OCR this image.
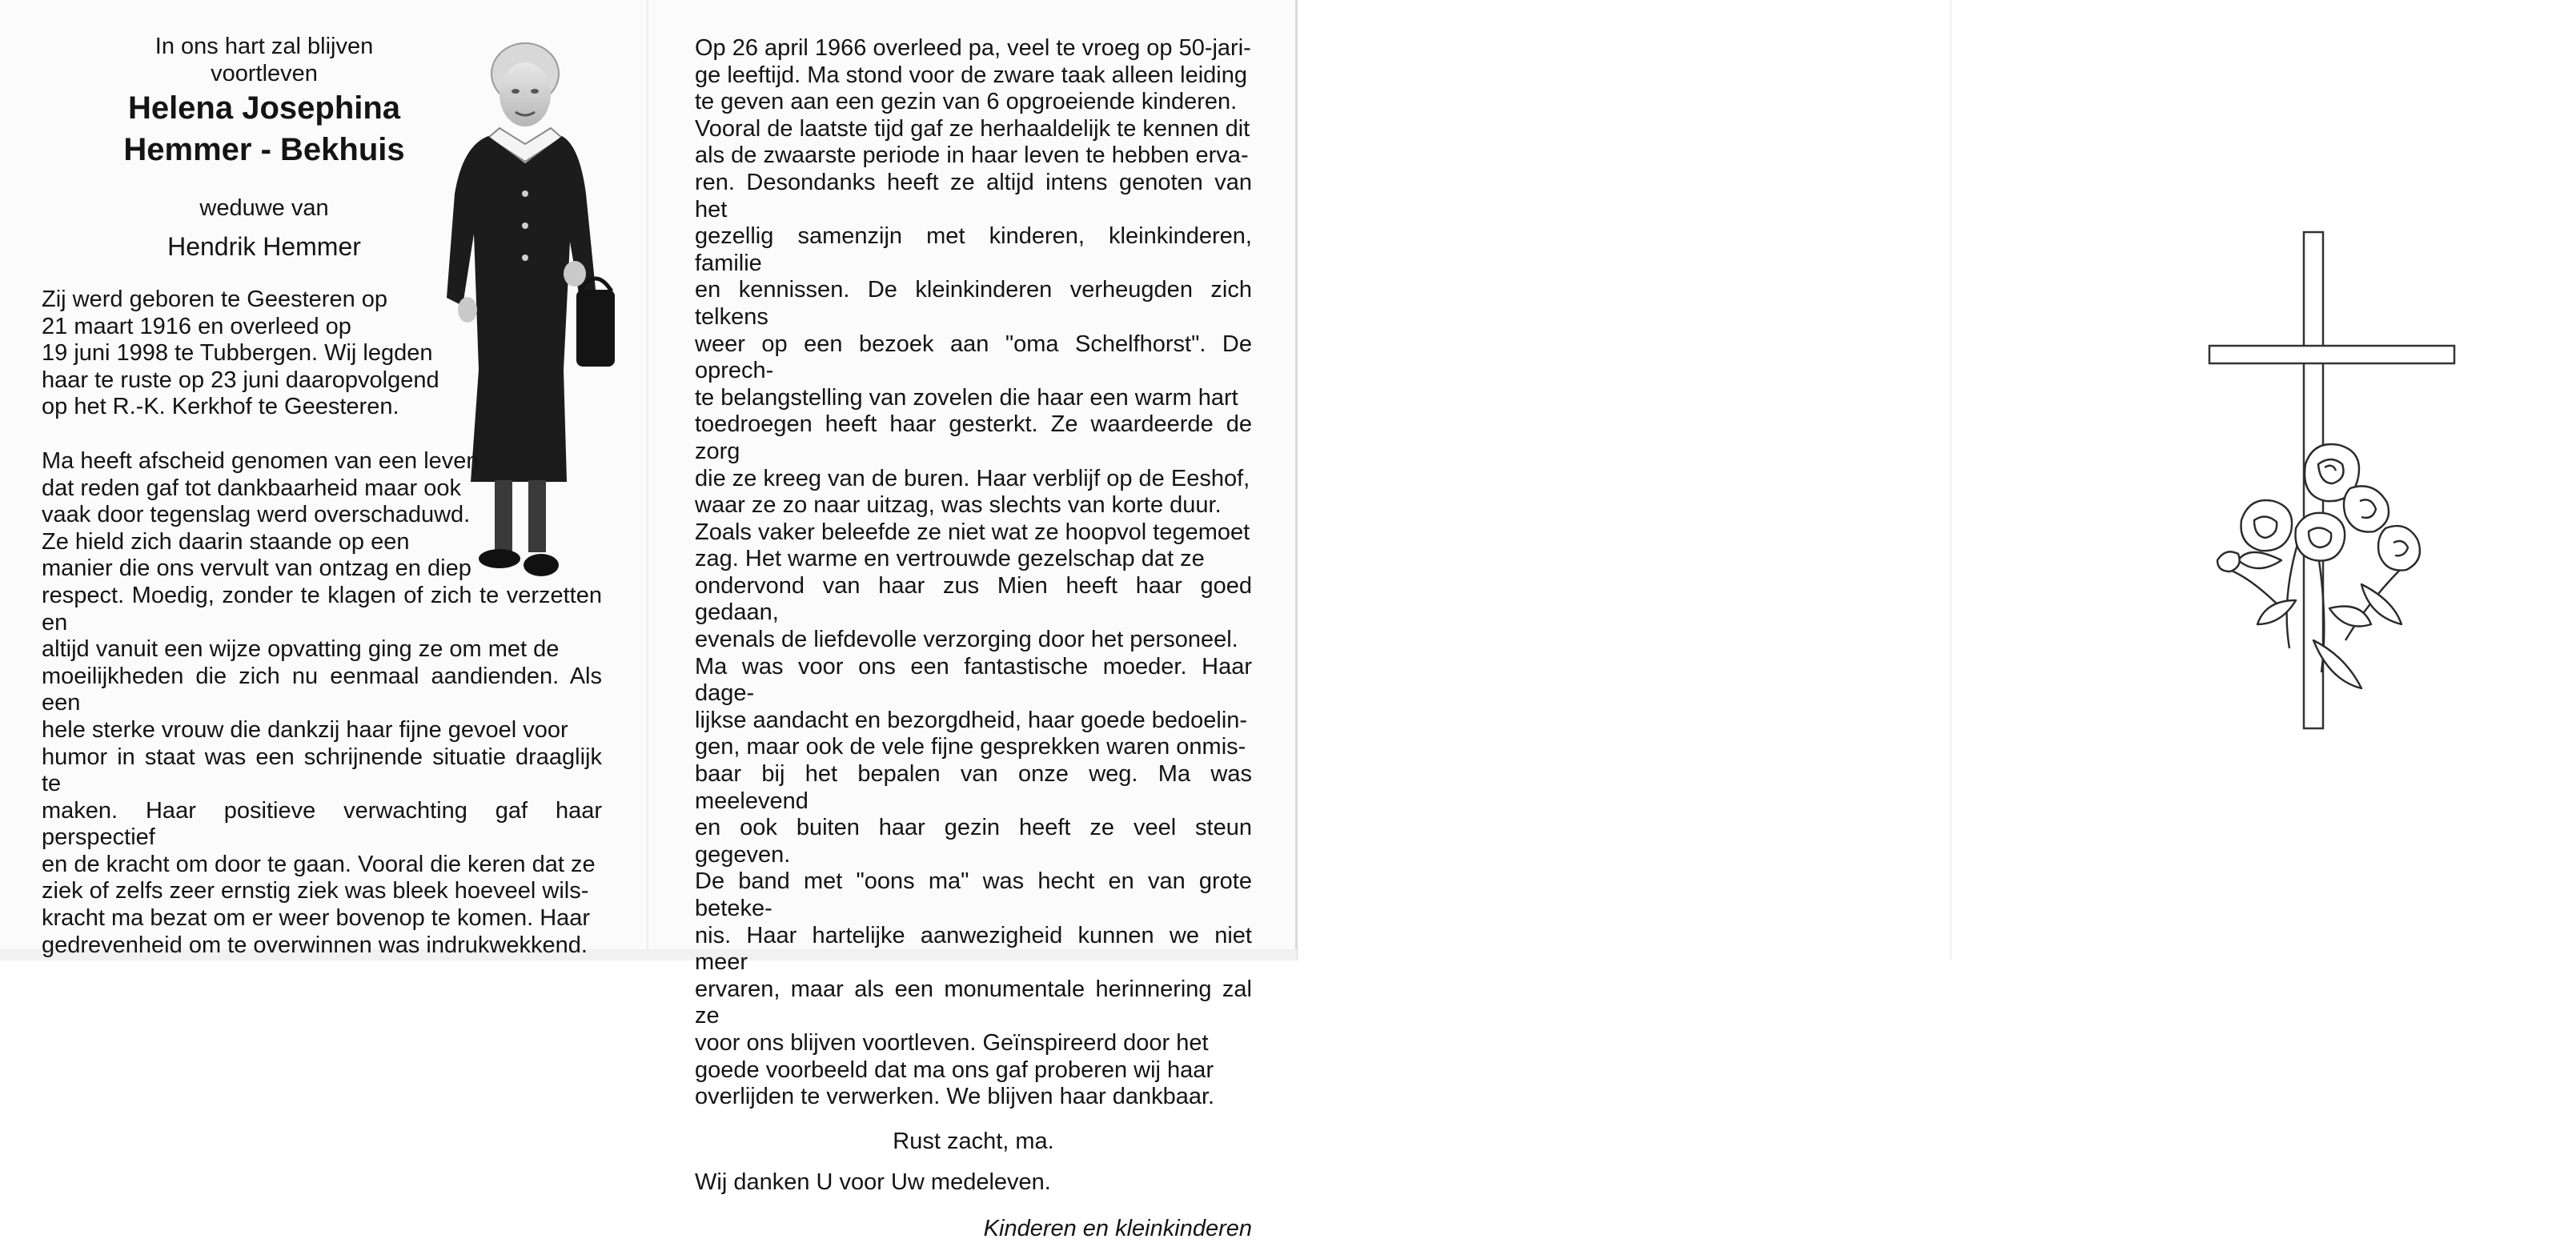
In ons hart zal blijven
voortleven

Helena Josephina

Hemmer - Bekhuis

weduwe van

Hendrik Hemmer

Zij werd geboren te Geesteren op
21 maart 1916 en overleed op
19 juni 1998 te Tubbergen. Wij legden
haar te ruste op 23 juni daaropvolgend
op het R.-K. Kerkhof te Geesteren.

Ma heeft afscheid genomen van een leven
dat reden gaf tot dankbaarheid maar ook
vaak door tegenslag werd overschaduwd.
Ze hield zich daarin staande op een
manier die ons vervult van ontzag en diep
respect. Moedig, zonder te klagen of zich te verzetten en
altijd vanuit een wijze opvatting ging ze om met de
moeilijkheden die zich nu eenmaal aandienden. Als een
hele sterke vrouw die dankzij haar fijne gevoel voor
humor in staat was een schrijnende situatie draaglijk te
maken. Haar positieve verwachting gaf haar perspectief
en de kracht om door te gaan. Vooral die keren dat ze
ziek of zelfs zeer ernstig ziek was bleek hoeveel wils-
kracht ma bezat om er weer bovenop te komen. Haar
gedrevenheid om te overwinnen was indrukwekkend.

Op 26 april 1966 overleed pa, veel te vroeg op 50-jari-
ge leeftijd. Ma stond voor de zware taak alleen leiding
te geven aan een gezin van 6 opgroeiende kinderen.
Vooral de laatste tijd gaf ze herhaaldelijk te kennen dit
als de zwaarste periode in haar leven te hebben erva-
ren. Desondanks heeft ze altijd intens genoten van het
gezellig samenzijn met kinderen, kleinkinderen, familie
en kennissen. De kleinkinderen verheugden zich telkens
weer op een bezoek aan "oma Schelfhorst". De oprech-
te belangstelling van zovelen die haar een warm hart
toedroegen heeft haar gesterkt. Ze waardeerde de zorg
die ze kreeg van de buren. Haar verblijf op de Eeshof,
waar ze zo naar uitzag, was slechts van korte duur.
Zoals vaker beleefde ze niet wat ze hoopvol tegemoet
zag. Het warme en vertrouwde gezelschap dat ze
ondervond van haar zus Mien heeft haar goed gedaan,
evenals de liefdevolle verzorging door het personeel.
Ma was voor ons een fantastische moeder. Haar dage-
lijkse aandacht en bezorgdheid, haar goede bedoelin-
gen, maar ook de vele fijne gesprekken waren onmis-
baar bij het bepalen van onze weg. Ma was meelevend
en ook buiten haar gezin heeft ze veel steun gegeven.
De band met "oons ma" was hecht en van grote beteke-
nis. Haar hartelijke aanwezigheid kunnen we niet meer
ervaren, maar als een monumentale herinnering zal ze
voor ons blijven voortleven. Geïnspireerd door het
goede voorbeeld dat ma ons gaf proberen wij haar
overlijden te verwerken. We blijven haar dankbaar.

Rust zacht, ma.

Wij danken U voor Uw medeleven.

Kinderen en kleinkinderen
